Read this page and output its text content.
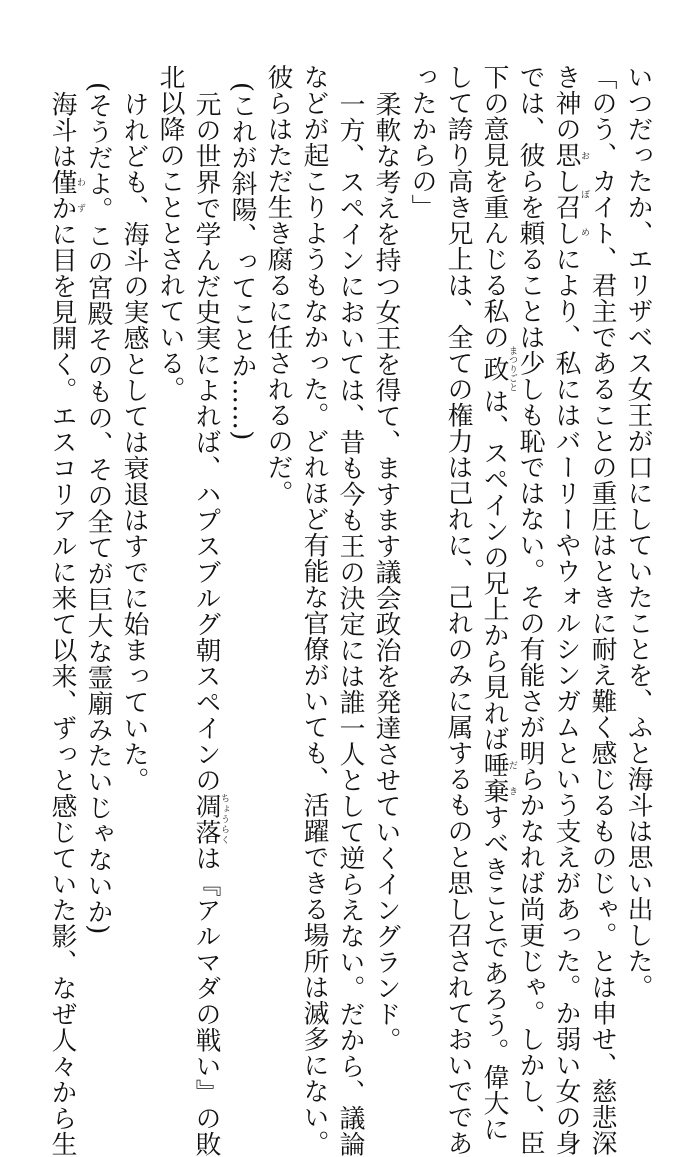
いつだったか、エリザベス女王が口にしていたことを、ふと海斗は思い出した。
「のう、カイト、君主であることの重圧はときに耐え難く感じるものじゃ。とは申せ、慈悲深
き神の思し召しおぼめにより、私にはバーリーやウォルシンガムという支えがあった。か弱い女の身
では、彼らを頼ることは少しも恥ではない。その有能さが明らかなれば尚更じゃ。しかし、臣
下の意見を重んじる私の政まつりごとは、スペインの兄上から見れば唾棄だきすべきことであろう。偉大に
して誇り高き兄上は、全ての権力は己れに、己れのみに属するものと思し召されておいでであ
ったからの」
柔軟な考えを持つ女王を得て、ますます議会政治を発達させていくイングランド。
一方、スペインにおいては、昔も今も王の決定には誰一人として逆らえない。だから、議論
などが起こりようもなかった。どれほど有能な官僚がいても、活躍できる場所は滅多にない。
彼らはただ生き腐るに任されるのだ。
(これが斜陽、ってことか……)
元の世界で学んだ史実によれば、ハプスブルグ朝スペインの凋落ちょうらくは『アルマダの戦い』の敗
北以降のこととされている。
けれども、海斗の実感としては衰退はすでに始まっていた。
(そうだよ。この宮殿そのもの、その全てが巨大な霊廟みたいじゃないか)
海斗は僅かわずに目を見開く。エスコリアルに来て以来、ずっと感じていた影、なぜ人々から生
